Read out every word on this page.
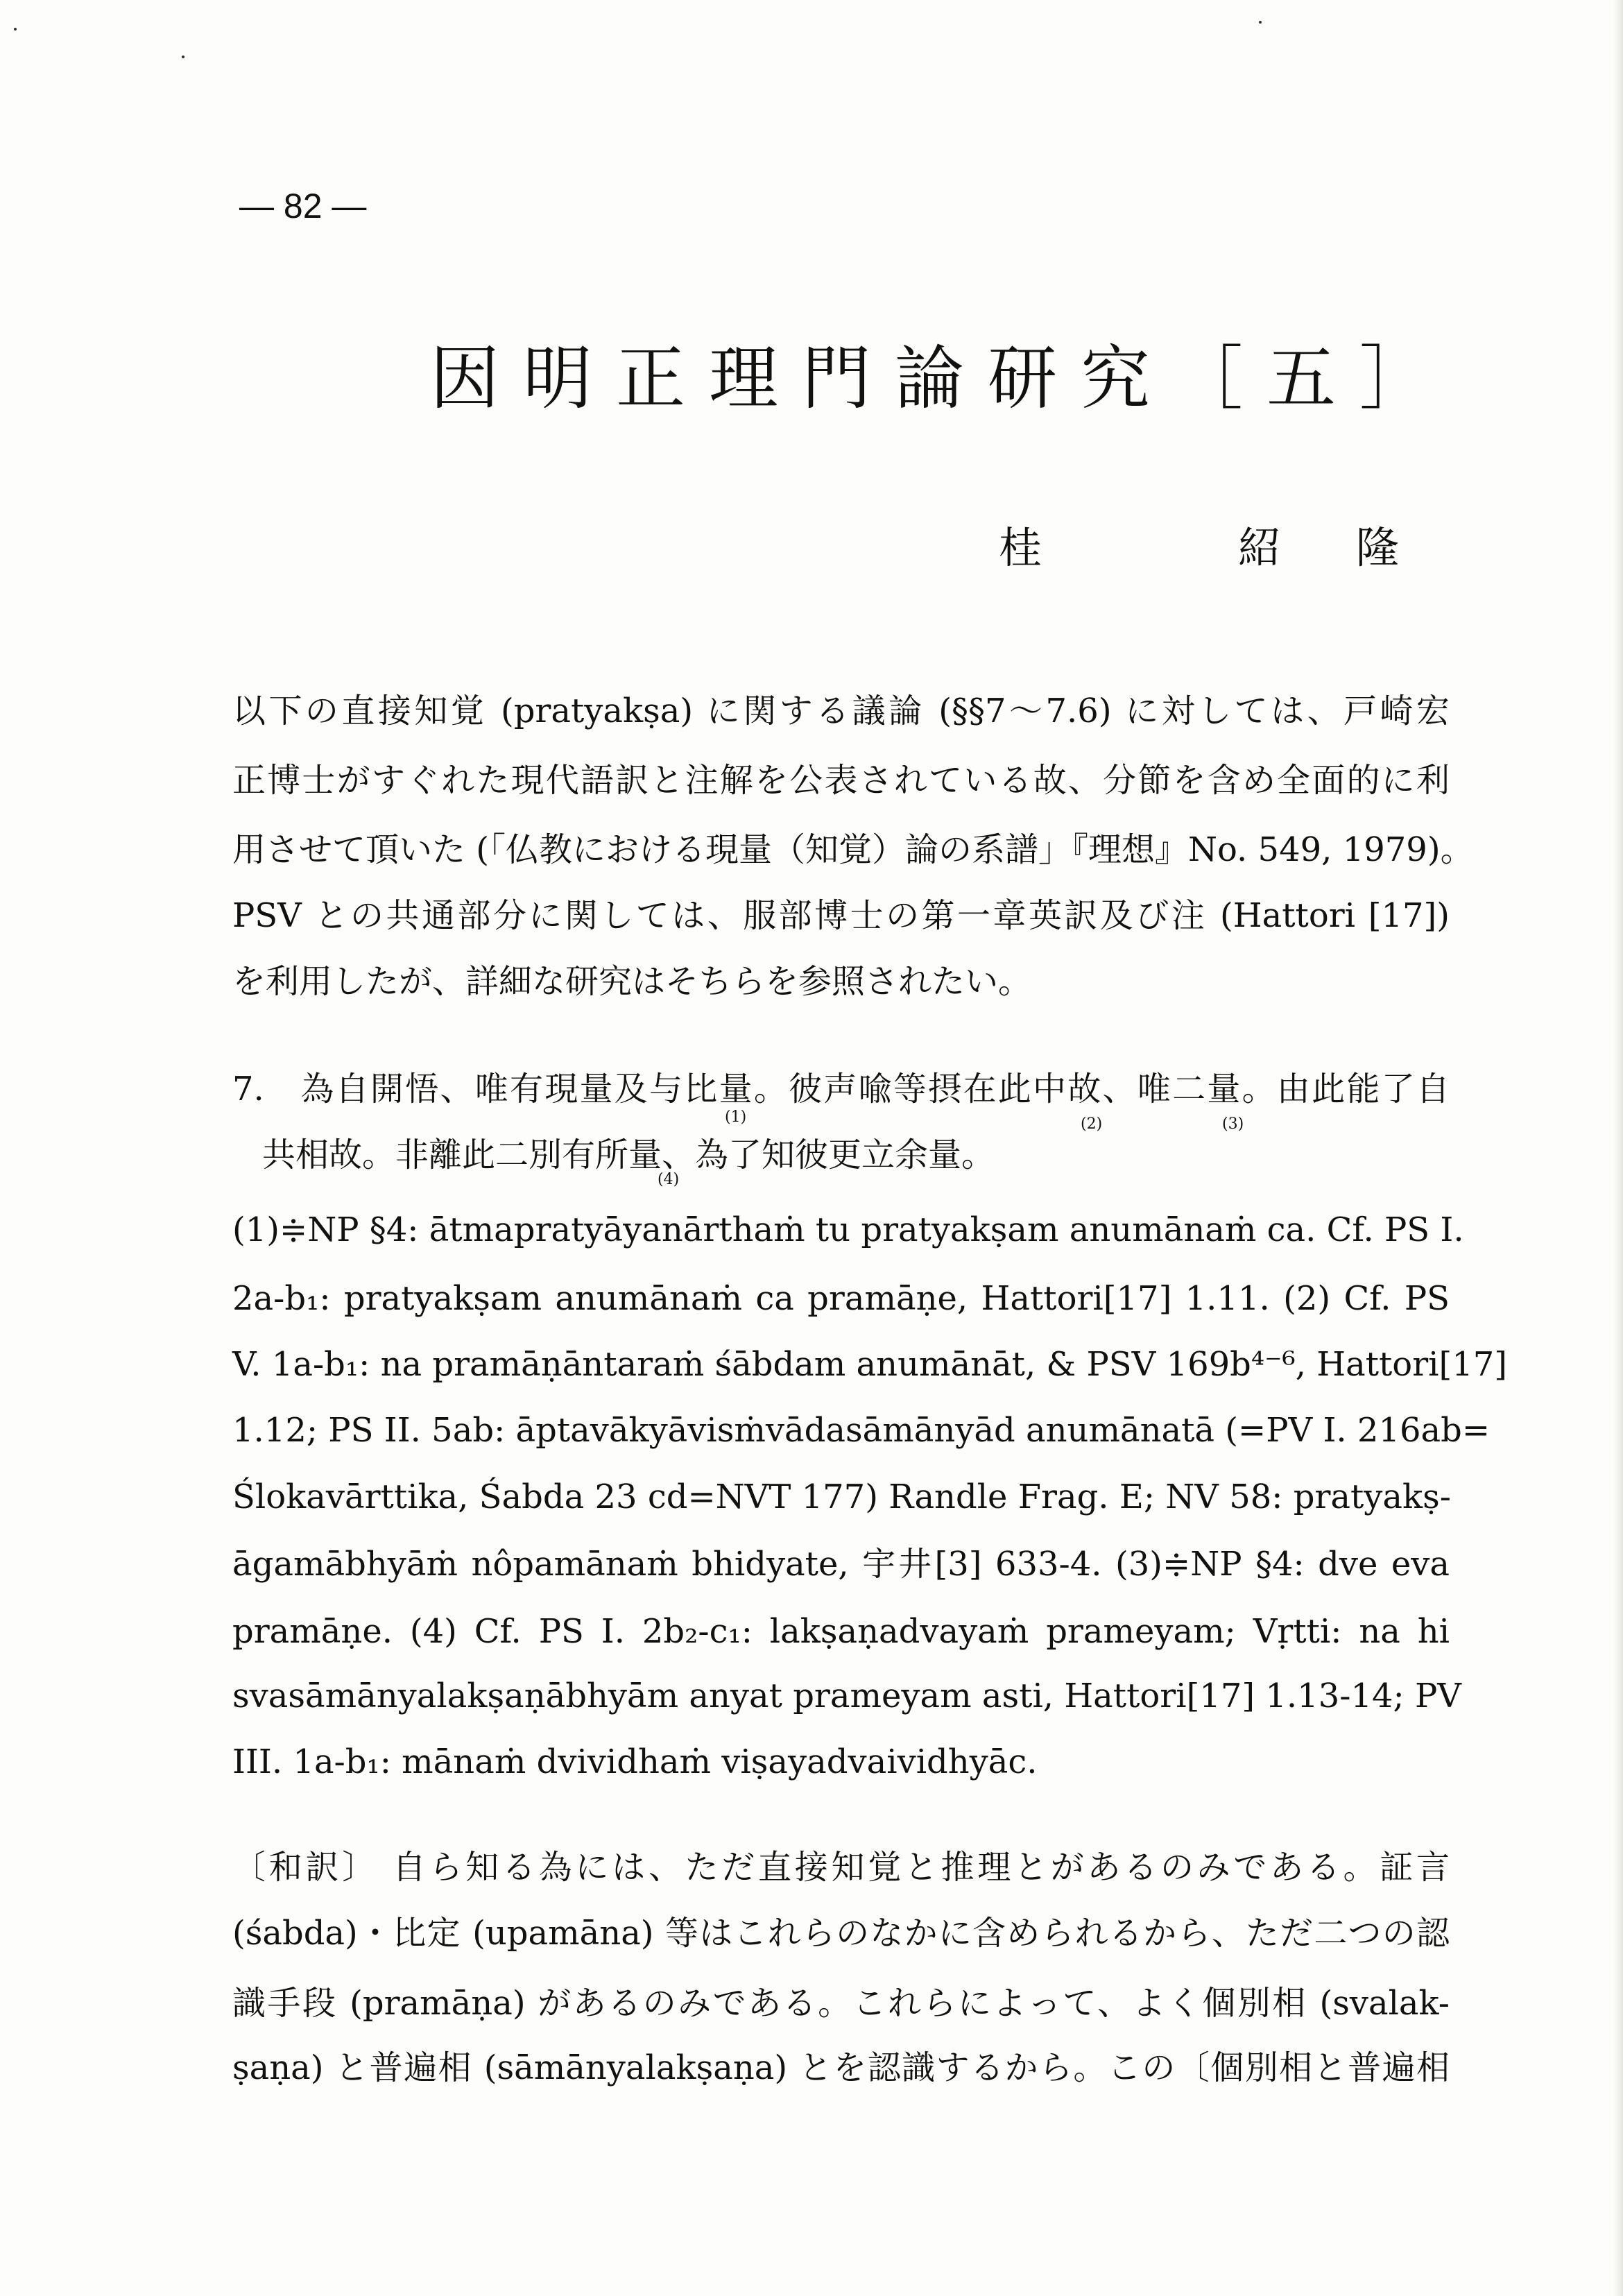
— 82 —
因明正理門論研究［五］
桂	紹 隆
以下の直接知覚 (pratyakṣa) に関する議論 (§§7〜7.6) に対しては、戸崎宏
正博士がすぐれた現代語訳と注解を公表されている故、分節を含め全面的に利
用させて頂いた (「仏教における現量（知覚）論の系譜」『理想』No. 549, 1979)。
PSV との共通部分に関しては、服部博士の第一章英訳及び注 (Hattori [17])
を利用したが、詳細な研究はそちらを参照されたい。
7.　為自開悟、唯有現量及与比量。彼声喩等摂在此中故、唯二量。由此能了自
共相故。非離此二別有所量、為了知彼更立余量。
(1)	(2)	(3)
(4)
(1)≑NP §4: ātmapratyāyanārthaṁ tu pratyakṣam anumānaṁ ca. Cf. PS I.
2a-b₁: pratyakṣam anumānaṁ ca pramāṇe, Hattori[17] 1.11. (2) Cf. PS
V. 1a-b₁: na pramāṇāntaraṁ śābdam anumānāt, & PSV 169b⁴⁻⁶, Hattori[17]
1.12; PS II. 5ab: āptavākyāvisṁvādasāmānyād anumānatā (=PV I. 216ab=
Ślokavārttika, Śabda 23 cd=NVT 177) Randle Frag. E; NV 58: pratyakṣ-
āgamābhyāṁ nôpamānaṁ bhidyate, 宇井[3] 633-4. (3)≑NP §4: dve eva
pramāṇe. (4) Cf. PS I. 2b₂-c₁: lakṣaṇadvayaṁ prameyam; Vṛtti: na hi
svasāmānyalakṣaṇābhyām anyat prameyam asti, Hattori[17] 1.13-14; PV
III. 1a-b₁: mānaṁ dvividhaṁ viṣayadvaividhyāc.
〔和訳〕 自ら知る為には、ただ直接知覚と推理とがあるのみである。証言
(śabda)・比定 (upamāna) 等はこれらのなかに含められるから、ただ二つの認
識手段 (pramāṇa) があるのみである。これらによって、よく個別相 (svalak-
ṣaṇa) と普遍相 (sāmānyalakṣaṇa) とを認識するから。この〔個別相と普遍相
